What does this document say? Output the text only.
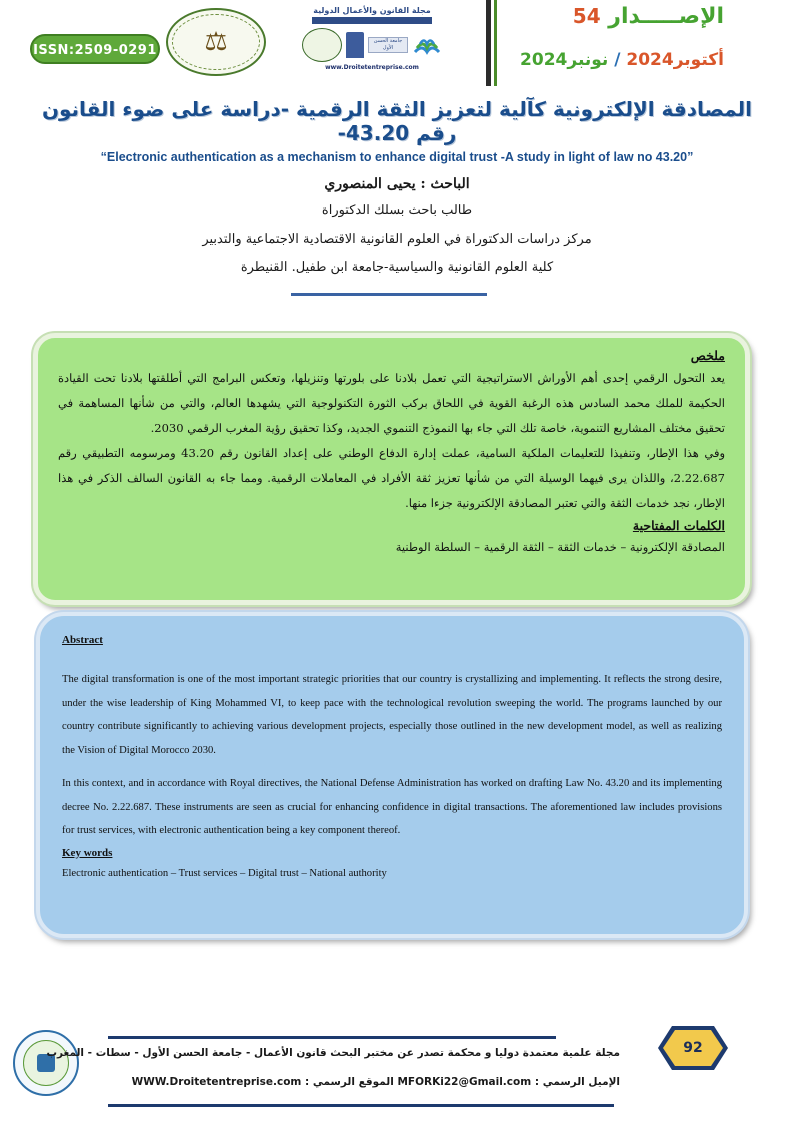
ISSN:2509-0291 ⚖
مجلة القانون والأعمال الدولية
جامعة الحسن الأول
www.Droitetentreprise.com
الإصـــــدار 54
أكتوبر2024 / نونبر2024
المصادقة الإلكترونية كآلية لتعزيز الثقة الرقمية -دراسة على ضوء القانون رقم 43.20-
“Electronic authentication as a mechanism to enhance digital trust -A study in light of law no 43.20”
الباحث : يحيى المنصوري
طالب باحث بسلك الدكتوراة
مركز دراسات الدكتوراة في العلوم القانونية الاقتصادية الاجتماعية والتدبير
كلية العلوم القانونية والسياسية-جامعة ابن طفيل. القنيطرة
ملخص

يعد التحول الرقمي إحدى أهم الأوراش الاستراتيجية التي تعمل بلادنا على بلورتها وتنزيلها، وتعكس البرامج التي أطلقتها بلادنا تحت القيادة الحكيمة للملك محمد السادس هذه الرغبة القوية في اللحاق بركب الثورة التكنولوجية التي يشهدها العالم، والتي من شأنها المساهمة في تحقيق مختلف المشاريع التنموية، خاصة تلك التي جاء بها النموذج التنموي الجديد، وكذا تحقيق رؤية المغرب الرقمي 2030.

وفي هذا الإطار، وتنفيذا للتعليمات الملكية السامية، عملت إدارة الدفاع الوطني على إعداد القانون رقم 43.20 ومرسومه التطبيقي رقم 2.22.687، واللذان يرى فيهما الوسيلة التي من شأنها تعزيز ثقة الأفراد في المعاملات الرقمية. ومما جاء به القانون السالف الذكر في هذا الإطار، نجد خدمات الثقة والتي تعتبر المصادقة الإلكترونية جزءا منها.

الكلمات المفتاحية
المصادقة الإلكترونية – خدمات الثقة – الثقة الرقمية – السلطة الوطنية
Abstract
The digital transformation is one of the most important strategic priorities that our country is crystallizing and implementing. It reflects the strong desire, under the wise leadership of King Mohammed VI, to keep pace with the technological revolution sweeping the world. The programs launched by our country contribute significantly to achieving various development projects, especially those outlined in the new development model, as well as realizing the Vision of Digital Morocco 2030.
In this context, and in accordance with Royal directives, the National Defense Administration has worked on drafting Law No. 43.20 and its implementing decree No. 2.22.687. These instruments are seen as crucial for enhancing confidence in digital transactions. The aforementioned law includes provisions for trust services, with electronic authentication being a key component thereof.
Key words
Electronic authentication – Trust services – Digital trust – National authority
مجلة علمية معتمدة دوليا و محكمة تصدر عن مختبر البحث قانون الأعمال - جامعة الحسن الأول - سطات - المغرب
الإميل الرسمي : MFORKi22@Gmail.com الموقع الرسمي : WWW.Droitetentreprise.com
92
